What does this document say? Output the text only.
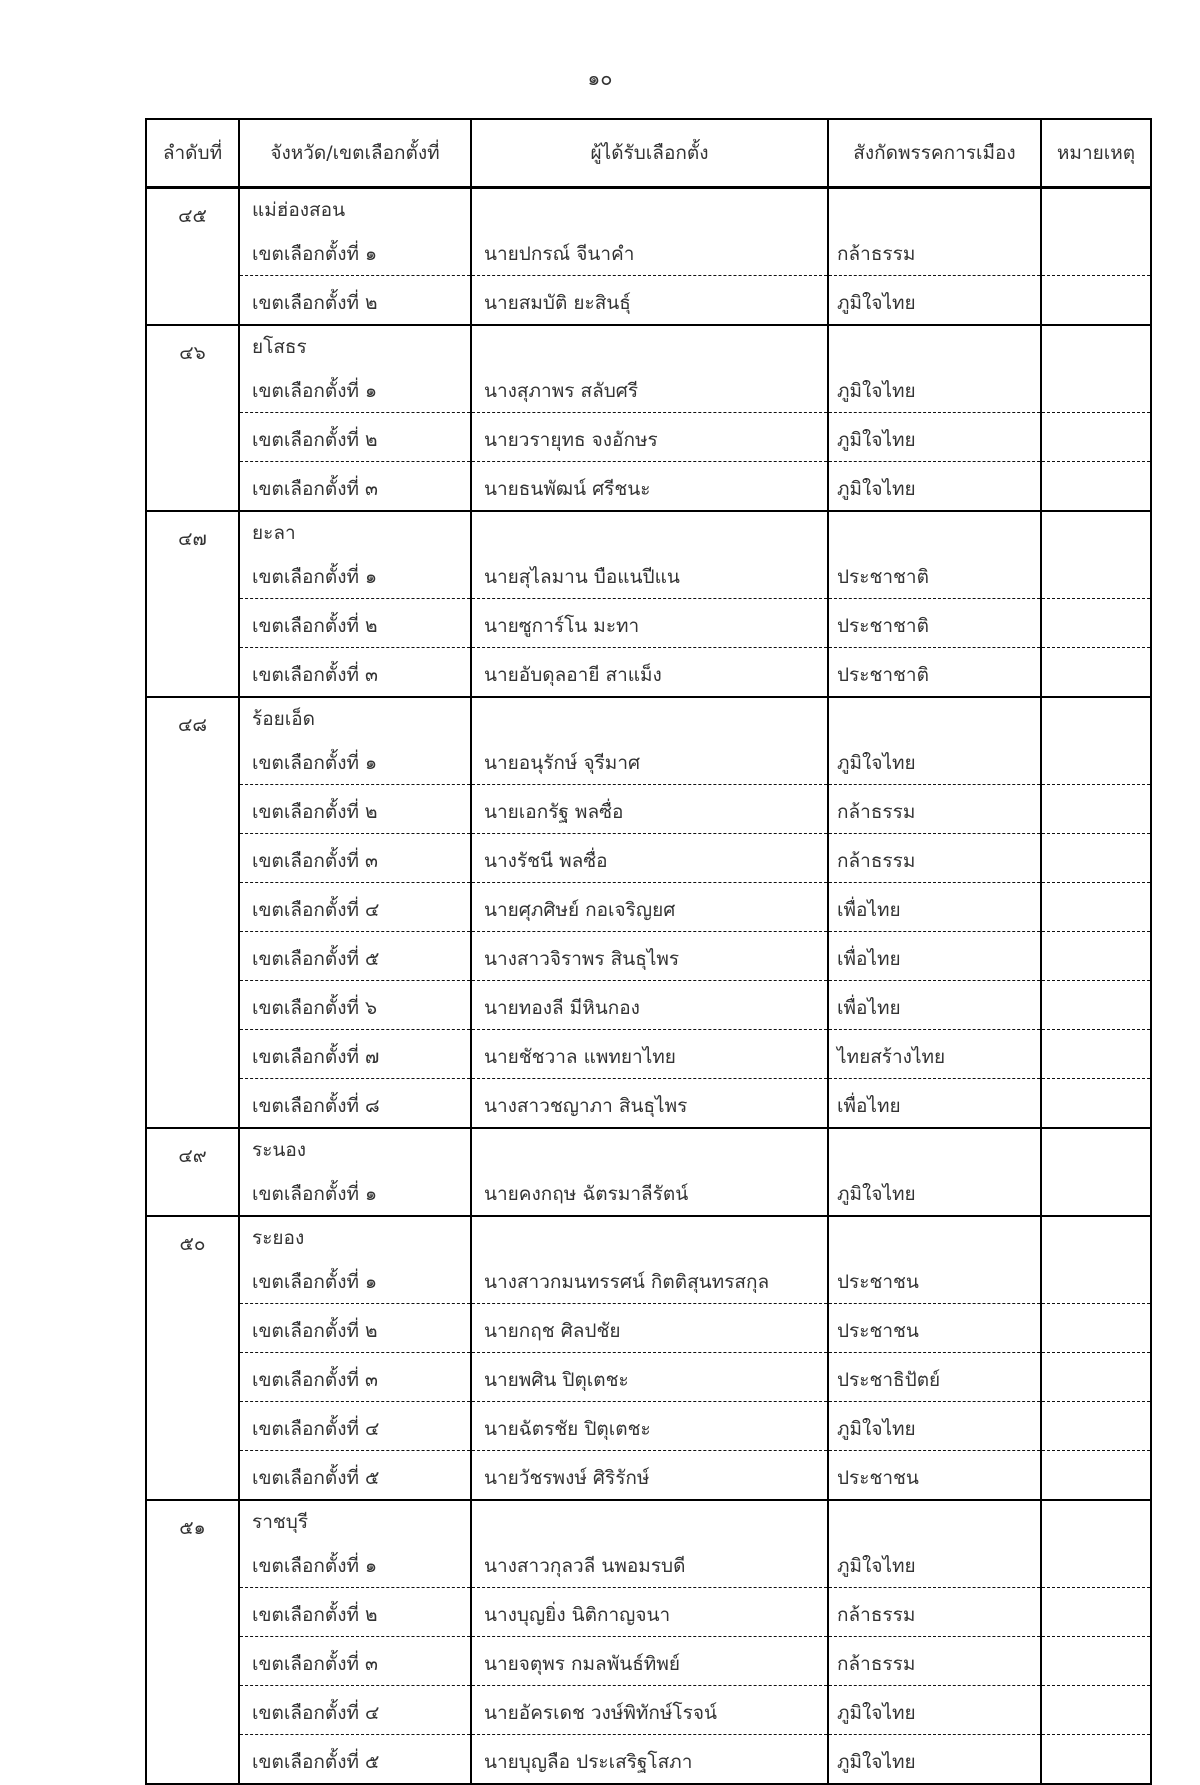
๑๐
ลำดับที่	จังหวัด/เขตเลือกตั้งที่	ผู้ได้รับเลือกตั้ง	สังกัดพรรคการเมือง	หมายเหตุ
๔๕	แม่ฮ่องสอน			
	เขตเลือกตั้งที่ ๑	นายปกรณ์ จีนาคำ	กล้าธรรม	
	เขตเลือกตั้งที่ ๒	นายสมบัติ ยะสินธุ์	ภูมิใจไทย	
๔๖	ยโสธร			
	เขตเลือกตั้งที่ ๑	นางสุภาพร สลับศรี	ภูมิใจไทย	
	เขตเลือกตั้งที่ ๒	นายวรายุทธ จงอักษร	ภูมิใจไทย	
	เขตเลือกตั้งที่ ๓	นายธนพัฒน์ ศรีชนะ	ภูมิใจไทย	
๔๗	ยะลา			
	เขตเลือกตั้งที่ ๑	นายสุไลมาน บือแนปีแน	ประชาชาติ	
	เขตเลือกตั้งที่ ๒	นายซูการ์โน มะทา	ประชาชาติ	
	เขตเลือกตั้งที่ ๓	นายอับดุลอายี สาแม็ง	ประชาชาติ	
๔๘	ร้อยเอ็ด			
	เขตเลือกตั้งที่ ๑	นายอนุรักษ์ จุรีมาศ	ภูมิใจไทย	
	เขตเลือกตั้งที่ ๒	นายเอกรัฐ พลซื่อ	กล้าธรรม	
	เขตเลือกตั้งที่ ๓	นางรัชนี พลซื่อ	กล้าธรรม	
	เขตเลือกตั้งที่ ๔	นายศุภศิษย์ กอเจริญยศ	เพื่อไทย	
	เขตเลือกตั้งที่ ๕	นางสาวจิราพร สินธุไพร	เพื่อไทย	
	เขตเลือกตั้งที่ ๖	นายทองลี มีหินกอง	เพื่อไทย	
	เขตเลือกตั้งที่ ๗	นายชัชวาล แพทยาไทย	ไทยสร้างไทย	
	เขตเลือกตั้งที่ ๘	นางสาวชญาภา สินธุไพร	เพื่อไทย	
๔๙	ระนอง			
	เขตเลือกตั้งที่ ๑	นายคงกฤษ ฉัตรมาลีรัตน์	ภูมิใจไทย	
๕๐	ระยอง			
	เขตเลือกตั้งที่ ๑	นางสาวกมนทรรศน์ กิตติสุนทรสกุล	ประชาชน	
	เขตเลือกตั้งที่ ๒	นายกฤช ศิลปชัย	ประชาชน	
	เขตเลือกตั้งที่ ๓	นายพศิน ปิตุเตชะ	ประชาธิปัตย์	
	เขตเลือกตั้งที่ ๔	นายฉัตรชัย ปิตุเตชะ	ภูมิใจไทย	
	เขตเลือกตั้งที่ ๕	นายวัชรพงษ์ ศิริรักษ์	ประชาชน	
๕๑	ราชบุรี			
	เขตเลือกตั้งที่ ๑	นางสาวกุลวลี นพอมรบดี	ภูมิใจไทย	
	เขตเลือกตั้งที่ ๒	นางบุญยิ่ง นิติกาญจนา	กล้าธรรม	
	เขตเลือกตั้งที่ ๓	นายจตุพร กมลพันธ์ทิพย์	กล้าธรรม	
	เขตเลือกตั้งที่ ๔	นายอัครเดช วงษ์พิทักษ์โรจน์	ภูมิใจไทย	
	เขตเลือกตั้งที่ ๕	นายบุญลือ ประเสริฐโสภา	ภูมิใจไทย	
